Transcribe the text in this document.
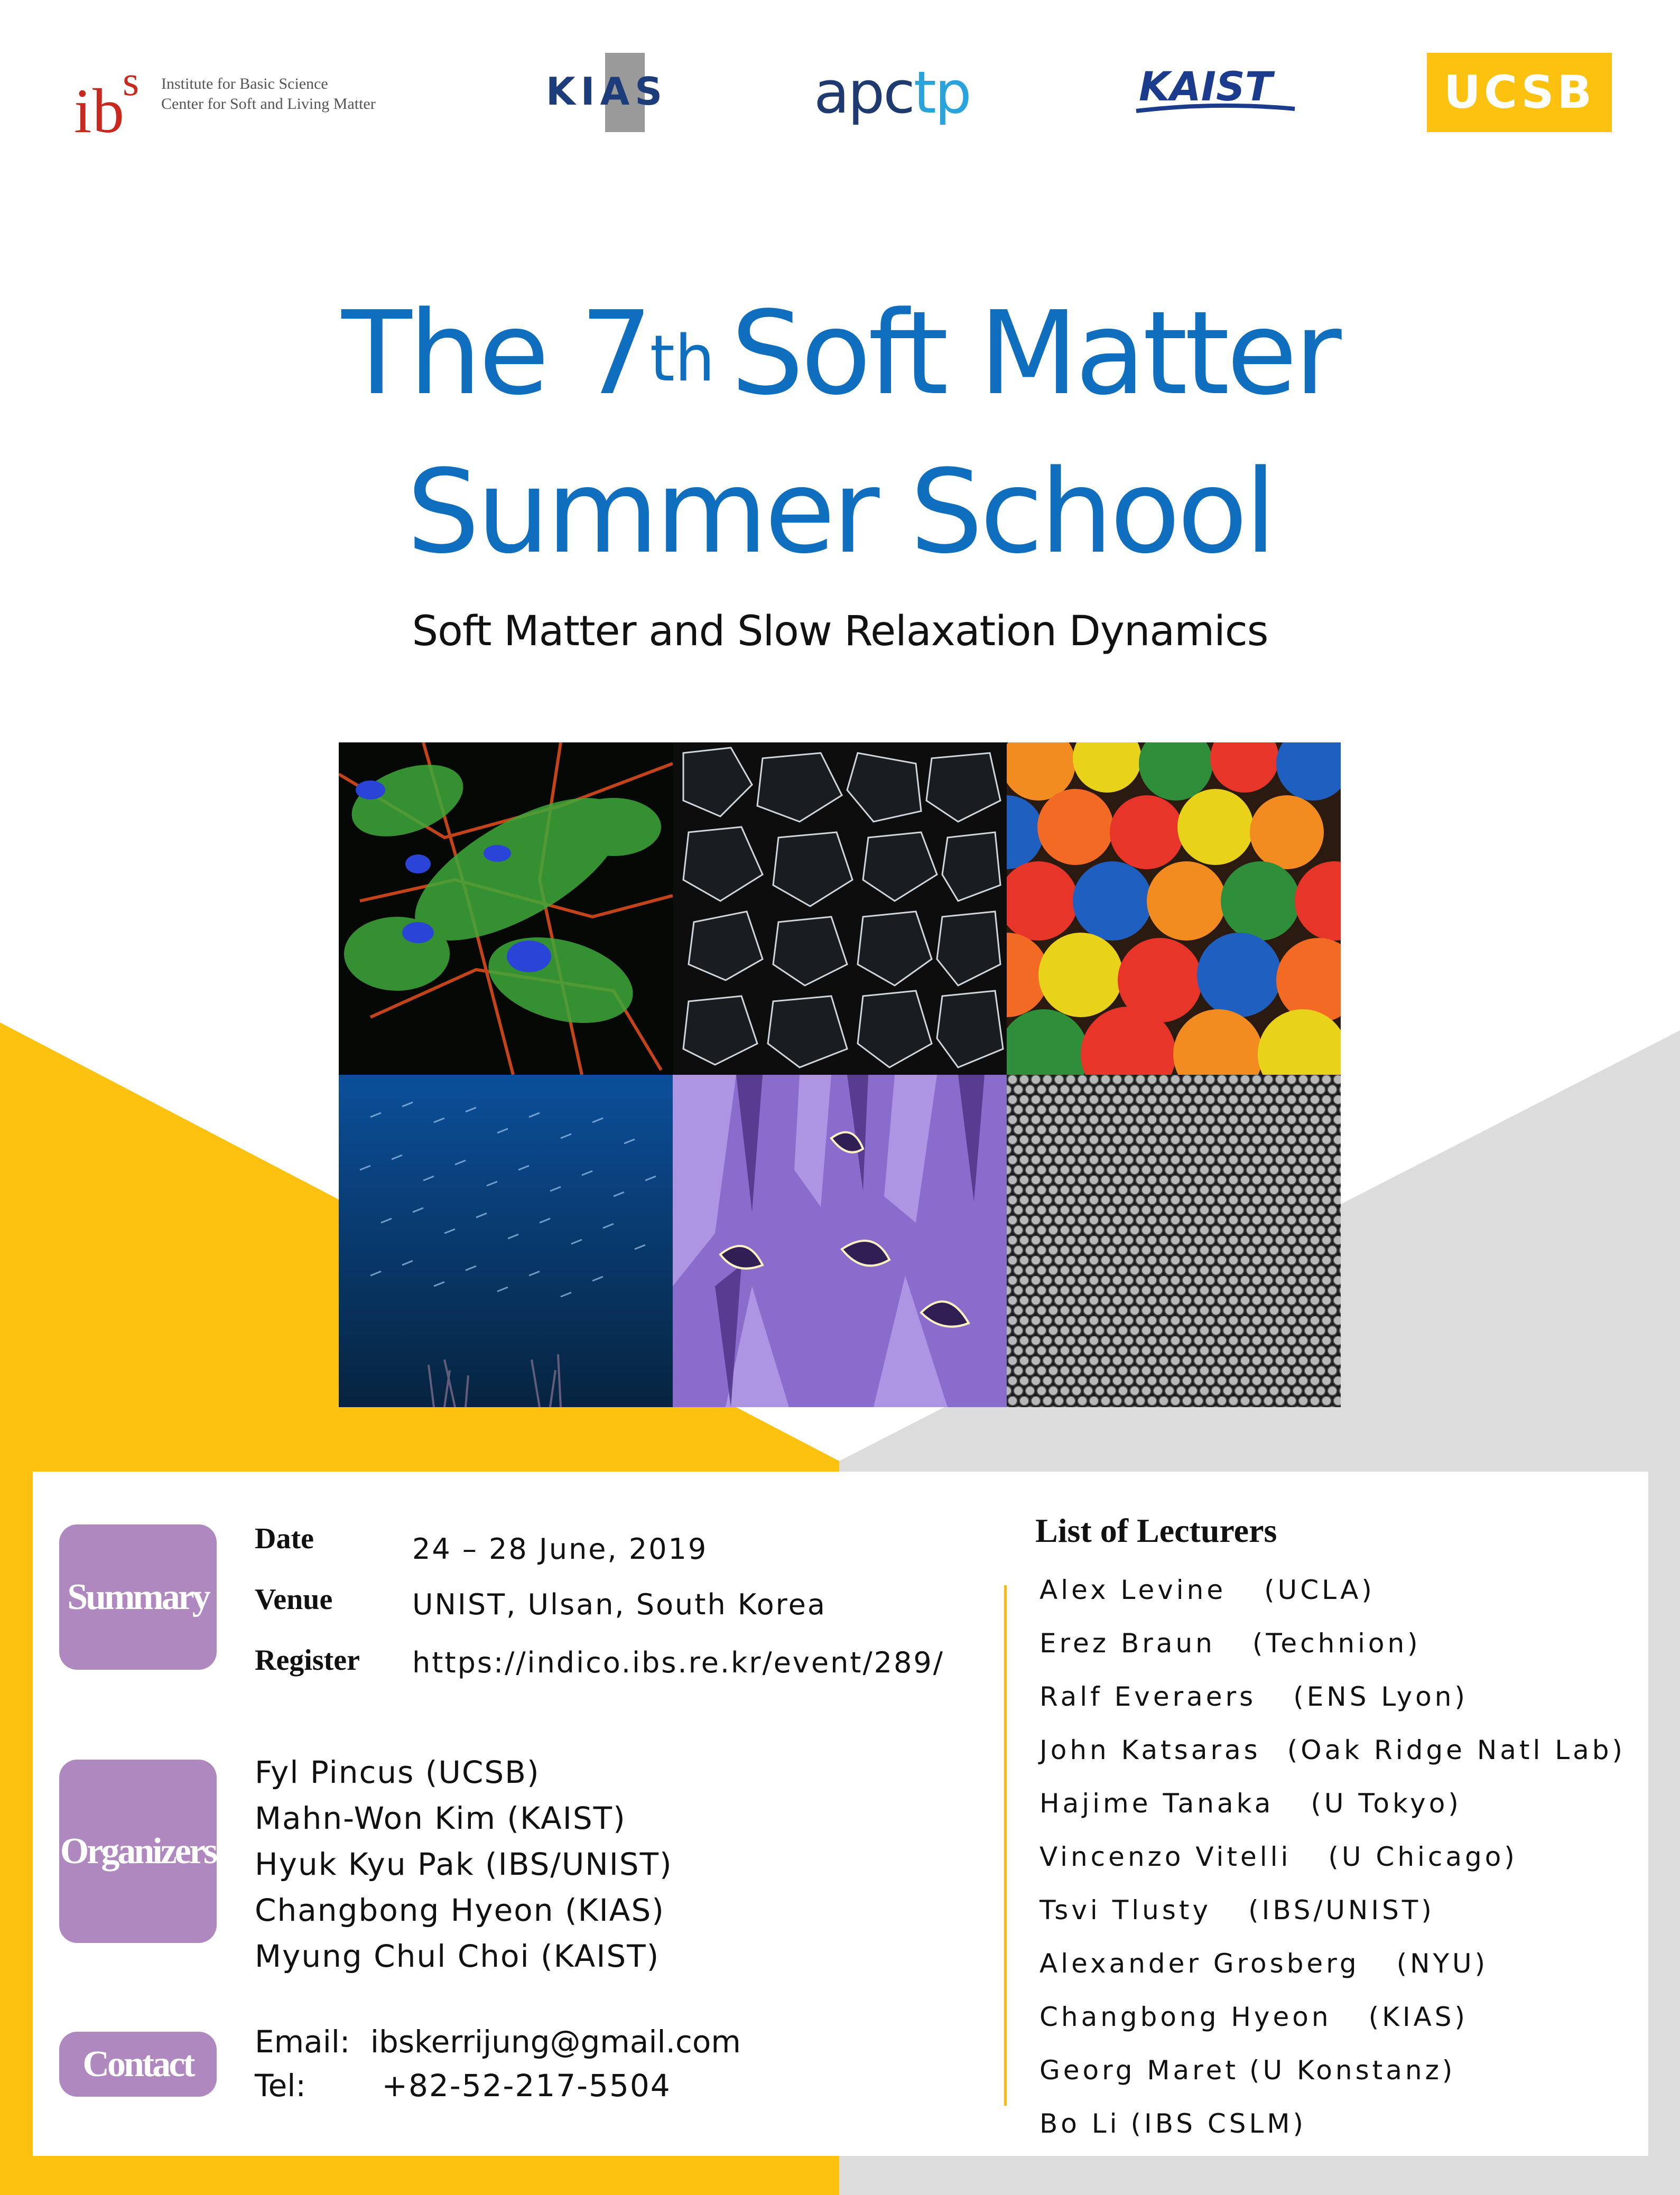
i b
s Institute for Basic Science
Center for Soft and Living Matter	KIAS	apctp	KAIST	UCSB
The 7th Soft Matter
Summer School
Soft Matter and Slow Relaxation Dynamics
Summary
Date	24 – 28 June, 2019
Venue	UNIST, Ulsan, South Korea
Register https://indico.ibs.re.kr/event/289/
Organizers
Fyl Pincus (UCSB)
Mahn-Won Kim (KAIST)
Hyuk Kyu Pak (IBS/UNIST)
Changbong Hyeon (KIAS)
Myung Chul Choi (KAIST)
Contact
Email: ibskerrijung@gmail.com
Tel: +82-52-217-5504
List of Lecturers
Alex Levine (UCLA)
Erez Braun (Technion)
Ralf Everaers (ENS Lyon)
John Katsaras (Oak Ridge Natl Lab)
Hajime Tanaka (U Tokyo)
Vincenzo Vitelli (U Chicago)
Tsvi Tlusty (IBS/UNIST)
Alexander Grosberg (NYU)
Changbong Hyeon (KIAS)
Georg Maret (U Konstanz)
Bo Li (IBS CSLM)
